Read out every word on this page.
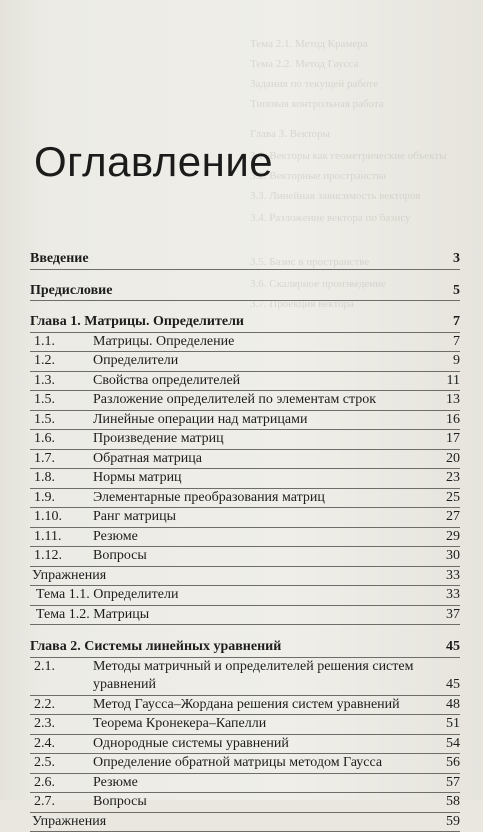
Тема 2.1. Метод Крамера
Тема 2.2. Метод Гаусса
Задания по текущей работе
Типовая контрольная работа
Глава 3. Векторы
3.1. Векторы как геометрические объекты
3.2. Векторные пространства
3.3. Линейная зависимость векторов
3.4. Разложение вектора по базису
3.5. Базис в пространстве
3.6. Скалярное произведение
3.7. Проекция вектора
Оглавление
Введение	3
Предисловие	5
Глава 1. Матрицы. Определители	7
1.1.	Матрицы. Определение	7
1.2.	Определители	9
1.3.	Свойства определителей	11
1.5.	Разложение определителей по элементам строк	13
1.5.	Линейные операции над матрицами	16
1.6.	Произведение матриц	17
1.7.	Обратная матрица	20
1.8.	Нормы матриц	23
1.9.	Элементарные преобразования матриц	25
1.10. Ранг матрицы	27
1.11. Резюме	29
1.12. Вопросы	30
Упражнения	33
Тема 1.1. Определители	33
Тема 1.2. Матрицы	37
Глава 2. Системы линейных уравнений	45
2.1.	Методы матричный и определителей решения систем уравнений	45
2.2.	Метод Гаусса–Жордана решения систем уравнений	48
2.3.	Теорема Кронекера–Капелли	51
2.4.	Однородные системы уравнений	54
2.5.	Определение обратной матрицы методом Гаусса	56
2.6.	Резюме	57
2.7.	Вопросы	58
Упражнения	59
